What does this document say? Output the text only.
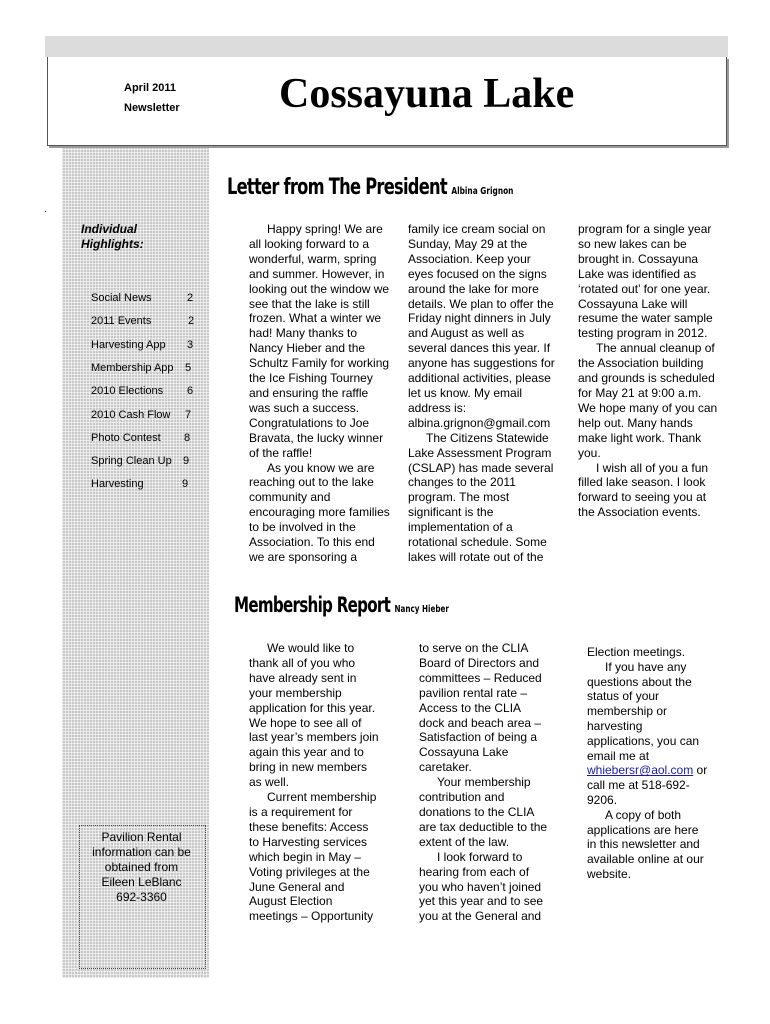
April 2011
Newsletter Cossayuna Lake
·
Individual
Highlights:
Social News	2
2011 Events	2
Harvesting App 3
Membership App 5
2010 Elections 6
2010 Cash Flow 7
Photo Contest 8
Spring Clean Up 9
Harvesting	9
Pavilion Rental
information can be
obtained from
Eileen LeBlanc
692-3360
Letter from The President Albina Grignon

Happy spring! We are

all looking forward to a

wonderful, warm, spring

and summer. However, in

looking out the window we

see that the lake is still

frozen. What a winter we

had! Many thanks to

Nancy Hieber and the

Schultz Family for working

the Ice Fishing Tourney

and ensuring the raffle

was such a success.

Congratulations to Joe

Bravata, the lucky winner

of the raffle!

As you know we are

reaching out to the lake

community and

encouraging more families

to be involved in the

Association. To this end

we are sponsoring a

family ice cream social on

Sunday, May 29 at the

Association. Keep your

eyes focused on the signs

around the lake for more

details. We plan to offer the

Friday night dinners in July

and August as well as

several dances this year. If

anyone has suggestions for

additional activities, please

let us know. My email

address is:

albina.grignon@gmail.com

The Citizens Statewide

Lake Assessment Program

(CSLAP) has made several

changes to the 2011

program. The most

significant is the

implementation of a

rotational schedule. Some

lakes will rotate out of the

program for a single year

so new lakes can be

brought in. Cossayuna

Lake was identified as

‘rotated out’ for one year.

Cossayuna Lake will

resume the water sample

testing program in 2012.

The annual cleanup of

the Association building

and grounds is scheduled

for May 21 at 9:00 a.m.

We hope many of you can

help out. Many hands

make light work. Thank

you.

I wish all of you a fun

filled lake season. I look

forward to seeing you at

the Association events.

Membership Report Nancy Hieber

We would like to

thank all of you who

have already sent in

your membership

application for this year.

We hope to see all of

last year’s members join

again this year and to

bring in new members

as well.

Current membership

is a requirement for

these benefits: Access

to Harvesting services

which begin in May –

Voting privileges at the

June General and

August Election

meetings – Opportunity

to serve on the CLIA

Board of Directors and

committees – Reduced

pavilion rental rate –

Access to the CLIA

dock and beach area –

Satisfaction of being a

Cossayuna Lake

caretaker.

Your membership

contribution and

donations to the CLIA

are tax deductible to the

extent of the law.

I look forward to

hearing from each of

you who haven’t joined

yet this year and to see

you at the General and

Election meetings.

If you have any

questions about the

status of your

membership or

harvesting

applications, you can

email me at

whiebersr@aol.com or

call me at 518-692-

9206.

A copy of both

applications are here

in this newsletter and

available online at our

website.
